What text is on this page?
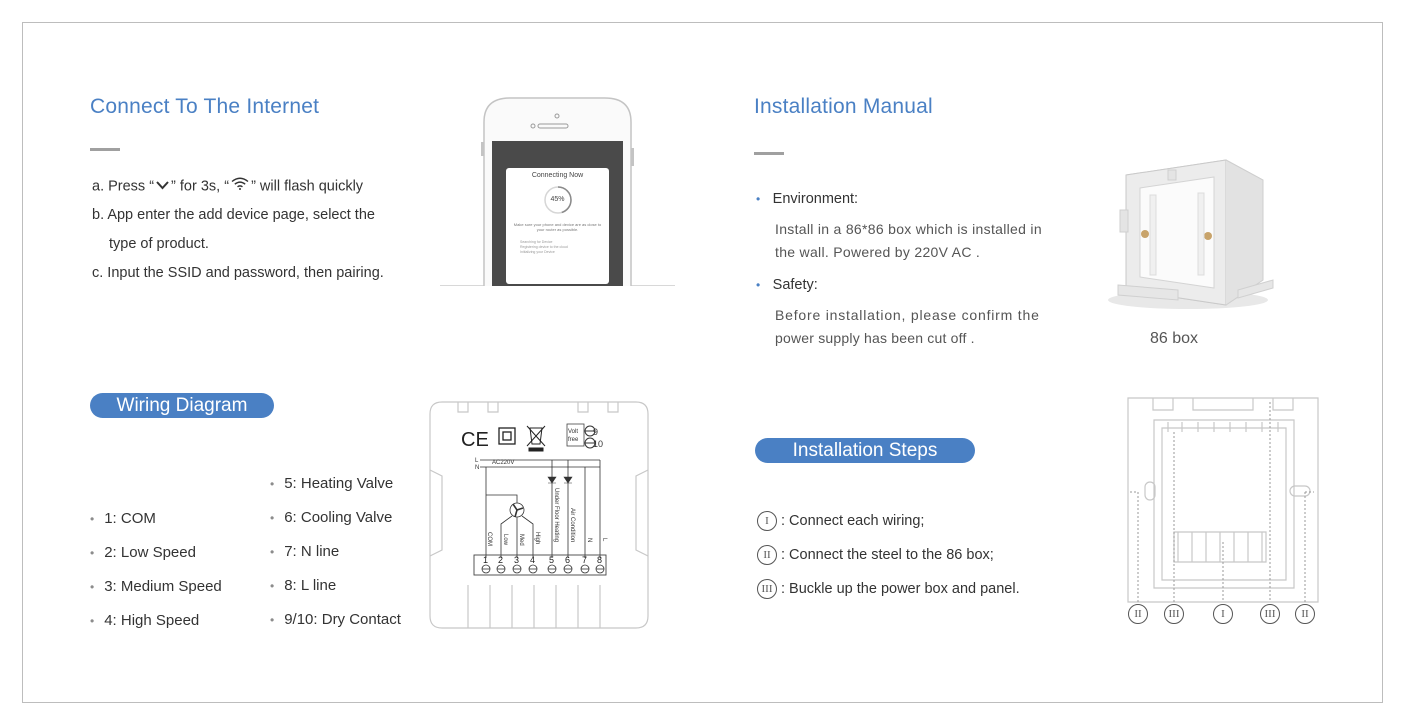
Connect To The Internet
a. Press “ ” for 3s, “ ” will flash quickly
b. App enter the add device page, select the
type of product.
c. Input the SSID and password, then pairing.
Connecting Now
45%
Make sure your phone and device are as close to your router as possible.
Searching for Device
Registering device to the cloud
Initializing your Device
Installation Manual
• Environment:
Install in a 86*86 box which is installed in
the wall. Powered by 220V AC .
• Safety:
Before installation, please confirm the
power supply has been cut off .	86 box
Wiring Diagram
• 1: COM
• 2: Low Speed
• 3: Medium Speed
• 4: High Speed
• 5: Heating Valve
• 6: Cooling Valve
• 7: N line
• 8: L line
• 9/10: Dry Contact
CE	Volt
free
9
10
L
N
AC220V
COM Low Med High Under Floor Heating Air Condition N L
1 2 3 4 5 6 7 8
Installation Steps
I : Connect each wiring;
II : Connect the steel to the 86 box;
III : Buckle up the power box and panel.
II	III	I	III	II
